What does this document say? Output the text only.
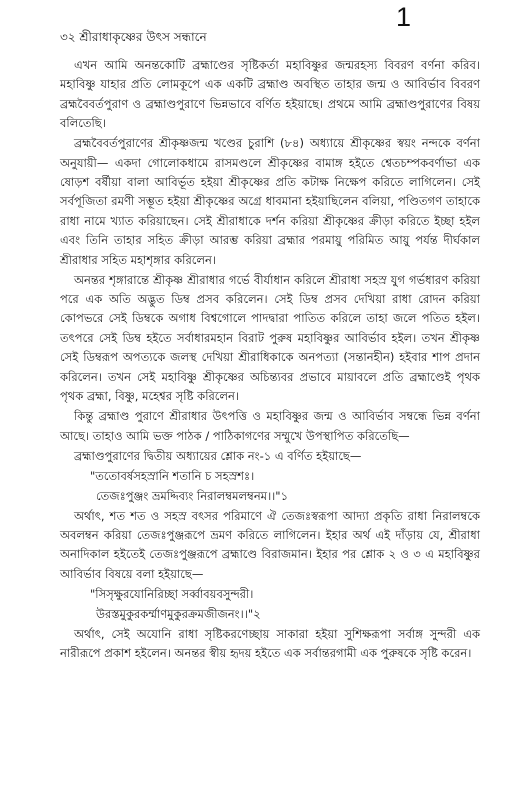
৩২ শ্রীরাধাকৃষ্ণের উৎস সন্ধানে
1

এখন আমি অনন্তকোটি ব্রহ্মাণ্ডের সৃষ্টিকর্তা মহাবিষ্ণুর জন্মরহস্য বিবরণ বর্ণনা করিব। মহাবিষ্ণু যাহার প্রতি লোমকূপে এক একটি ব্রহ্মাণ্ড অবস্থিত তাহার জন্ম ও আবির্ভাব বিবরণ ব্রহ্মবৈবর্তপুরাণ ও ব্রহ্মাণ্ডপুরাণে ভিন্নভাবে বর্ণিত হইয়াছে। প্রথমে আমি ব্রহ্মাণ্ডপুরাণের বিষয় বলিতেছি।

ব্রহ্মবৈবর্তপুরাণের শ্রীকৃষ্ণজন্ম খণ্ডের চুরাশি (৮৪) অধ্যায়ে শ্রীকৃষ্ণের স্বয়ং নন্দকে বর্ণনা অনুযায়ী— একদা গোলোকধামে রাসমণ্ডলে শ্রীকৃষ্ণের বামাঙ্গ হইতে শ্বেতচম্পকবর্ণাভা এক ষোড়শ বর্ষীয়া বালা আবির্ভূত হইয়া শ্রীকৃষ্ণের প্রতি কটাক্ষ নিক্ষেপ করিতে লাগিলেন। সেই সর্বপূজিতা রমণী সম্ভূত হইয়া শ্রীকৃষ্ণের অগ্রে ধাবমানা হইয়াছিলেন বলিয়া, পণ্ডিতগণ তাহাকে রাধা নামে খ্যাত করিয়াছেন। সেই শ্রীরাধাকে দর্শন করিয়া শ্রীকৃষ্ণের ক্রীড়া করিতে ইচ্ছা হইল এবং তিনি তাহার সহিত ক্রীড়া আরম্ভ করিয়া ব্রহ্মার পরমায়ু পরিমিত আয়ু পর্যন্ত দীর্ঘকাল শ্রীরাধার সহিত মহাশৃঙ্গার করিলেন।

অনন্তর শৃঙ্গারান্তে শ্রীকৃষ্ণ শ্রীরাধার গর্ভে বীর্যাধান করিলে শ্রীরাধা সহস্র যুগ গর্ভধারণ করিয়া পরে এক অতি অদ্ভুত ডিম্ব প্রসব করিলেন। সেই ডিম্ব প্রসব দেখিয়া রাধা রোদন করিয়া কোপভরে সেই ডিম্বকে অগাধ বিশ্বগোলে পাদদ্বারা পাতিত করিলে তাহা জলে পতিত হইল। তৎপরে সেই ডিম্ব হইতে সর্বাধারমহান বিরাট পুরুষ মহাবিষ্ণুর আবির্ভাব হইল। তখন শ্রীকৃষ্ণ সেই ডিম্বরূপ অপত্যকে জলস্থ দেখিয়া শ্রীরাধিকাকে অনপত্যা (সন্তানহীন) হইবার শাপ প্রদান করিলেন। তখন সেই মহাবিষ্ণু শ্রীকৃষ্ণের অচিন্ত্যবর প্রভাবে মায়াবলে প্রতি ব্রহ্মাণ্ডেই পৃথক পৃথক ব্রহ্মা, বিষ্ণু, মহেশ্বর সৃষ্টি করিলেন।

কিন্তু ব্রহ্মাণ্ড পুরাণে শ্রীরাধার উৎপত্তি ও মহাবিষ্ণুর জন্ম ও আবির্ভাব সম্বন্ধে ভিন্ন বর্ণনা আছে। তাহাও আমি ভক্ত পাঠক / পাঠিকাগণের সম্মুখে উপস্থাপিত করিতেছি—

ব্রহ্মাণ্ডপুরাণের দ্বিতীয় অধ্যায়ের শ্লোক নং-১ এ বর্ণিত হইয়াছে—

"ততোবর্ষসহস্রানি শতানি চ সহস্রশঃ।

তেজঃপুঞ্জং ভ্রমদ্দিব্যং নিরালম্বমলম্বনম।।"১

অর্থাৎ, শত শত ও সহস্র বৎসর পরিমাণে ঐ তেজঃস্বরূপা আদ্যা প্রকৃতি রাধা নিরালম্বকে অবলম্বন করিয়া তেজঃপুঞ্জরূপে ভ্রমণ করিতে লাগিলেন। ইহার অর্থ এই দাঁড়ায় যে, শ্রীরাধা অনাদিকাল হইতেই তেজঃপুঞ্জরূপে ব্রহ্মাণ্ডে বিরাজমান। ইহার পর শ্লোক ২ ও ৩ এ মহাবিষ্ণুর আবির্ভাব বিষয়ে বলা হইয়াছে—

"সিসৃক্ষুরযোনিরিচ্ছা সর্ব্বাবয়বসুন্দরী।

উরস্তমুকুরকর্ম্মাণমুকুরক্রমজীজনং।।"২

অর্থাৎ, সেই অযোনি রাধা সৃষ্টিকরণেচ্ছায় সাকারা হইয়া সুশিক্ষরূপা সর্বাঙ্গ সুন্দরী এক নারীরূপে প্রকাশ হইলেন। অনন্তর স্বীয় হৃদয় হইতে এক সর্বান্তরগামী এক পুরুষকে সৃষ্টি করেন।
